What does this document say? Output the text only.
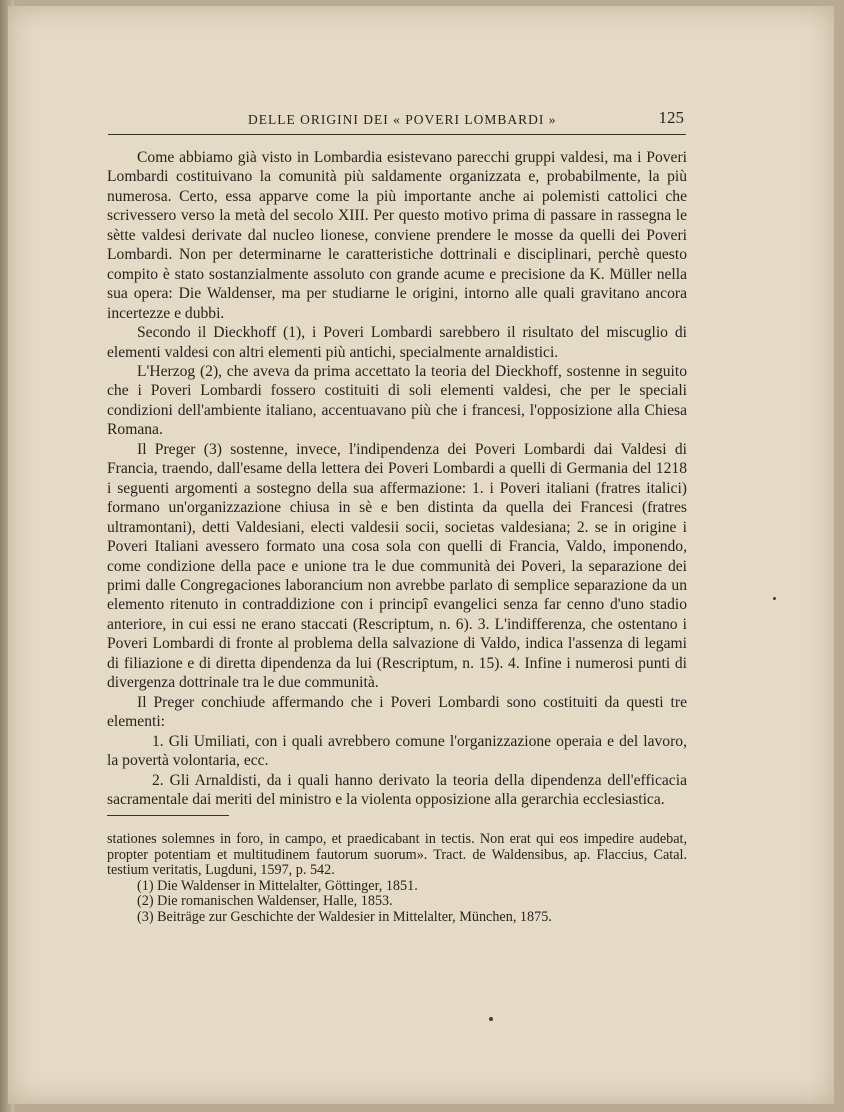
DELLE ORIGINI DEI « POVERI LOMBARDI »	125

Come abbiamo già visto in Lombardia esistevano parecchi gruppi valdesi, ma i Poveri Lombardi costituivano la comunità più saldamente organizzata e, probabilmente, la più numerosa. Certo, essa apparve come la più importante anche ai polemisti cattolici che scrivessero verso la metà del secolo XIII. Per questo motivo prima di passare in rassegna le sètte valdesi derivate dal nucleo lionese, conviene prendere le mosse da quelli dei Poveri Lombardi. Non per determinarne le caratteristiche dottrinali e disciplinari, perchè questo compito è stato sostanzialmente assoluto con grande acume e precisione da K. Müller nella sua opera: Die Waldenser, ma per studiarne le origini, intorno alle quali gravitano ancora incertezze e dubbi.

Secondo il Dieckhoff (1), i Poveri Lombardi sarebbero il risultato del miscuglio di elementi valdesi con altri elementi più antichi, specialmente arnaldistici.

L'Herzog (2), che aveva da prima accettato la teoria del Dieckhoff, sostenne in seguito che i Poveri Lombardi fossero costituiti di soli elementi valdesi, che per le speciali condizioni dell'ambiente italiano, accentuavano più che i francesi, l'opposizione alla Chiesa Romana.

Il Preger (3) sostenne, invece, l'indipendenza dei Poveri Lombardi dai Valdesi di Francia, traendo, dall'esame della lettera dei Poveri Lombardi a quelli di Germania del 1218 i seguenti argomenti a sostegno della sua affermazione: 1. i Poveri italiani (fratres italici) formano un'organizzazione chiusa in sè e ben distinta da quella dei Francesi (fratres ultramontani), detti Valdesiani, electi valdesii socii, societas valdesiana; 2. se in origine i Poveri Italiani avessero formato una cosa sola con quelli di Francia, Valdo, imponendo, come condizione della pace e unione tra le due communità dei Poveri, la separazione dei primi dalle Congregaciones laborancium non avrebbe parlato di semplice separazione da un elemento ritenuto in contraddizione con i principî evangelici senza far cenno d'uno stadio anteriore, in cui essi ne erano staccati (Rescriptum, n. 6). 3. L'indifferenza, che ostentano i Poveri Lombardi di fronte al problema della salvazione di Valdo, indica l'assenza di legami di filiazione e di diretta dipendenza da lui (Rescriptum, n. 15). 4. Infine i numerosi punti di divergenza dottrinale tra le due communità.

Il Preger conchiude affermando che i Poveri Lombardi sono costituiti da questi tre elementi:

1. Gli Umiliati, con i quali avrebbero comune l'organizzazione operaia e del lavoro, la povertà volontaria, ecc.

2. Gli Arnaldisti, da i quali hanno derivato la teoria della dipendenza dell'efficacia sacramentale dai meriti del ministro e la violenta opposizione alla gerarchia ecclesiastica.

stationes solemnes in foro, in campo, et praedicabant in tectis. Non erat qui eos impedire audebat, propter potentiam et multitudinem fautorum suorum». Tract. de Waldensibus, ap. Flaccius, Catal. testium veritatis, Lugduni, 1597, p. 542.

(1) Die Waldenser in Mittelalter, Göttinger, 1851.

(2) Die romanischen Waldenser, Halle, 1853.

(3) Beiträge zur Geschichte der Waldesier in Mittelalter, München, 1875.
